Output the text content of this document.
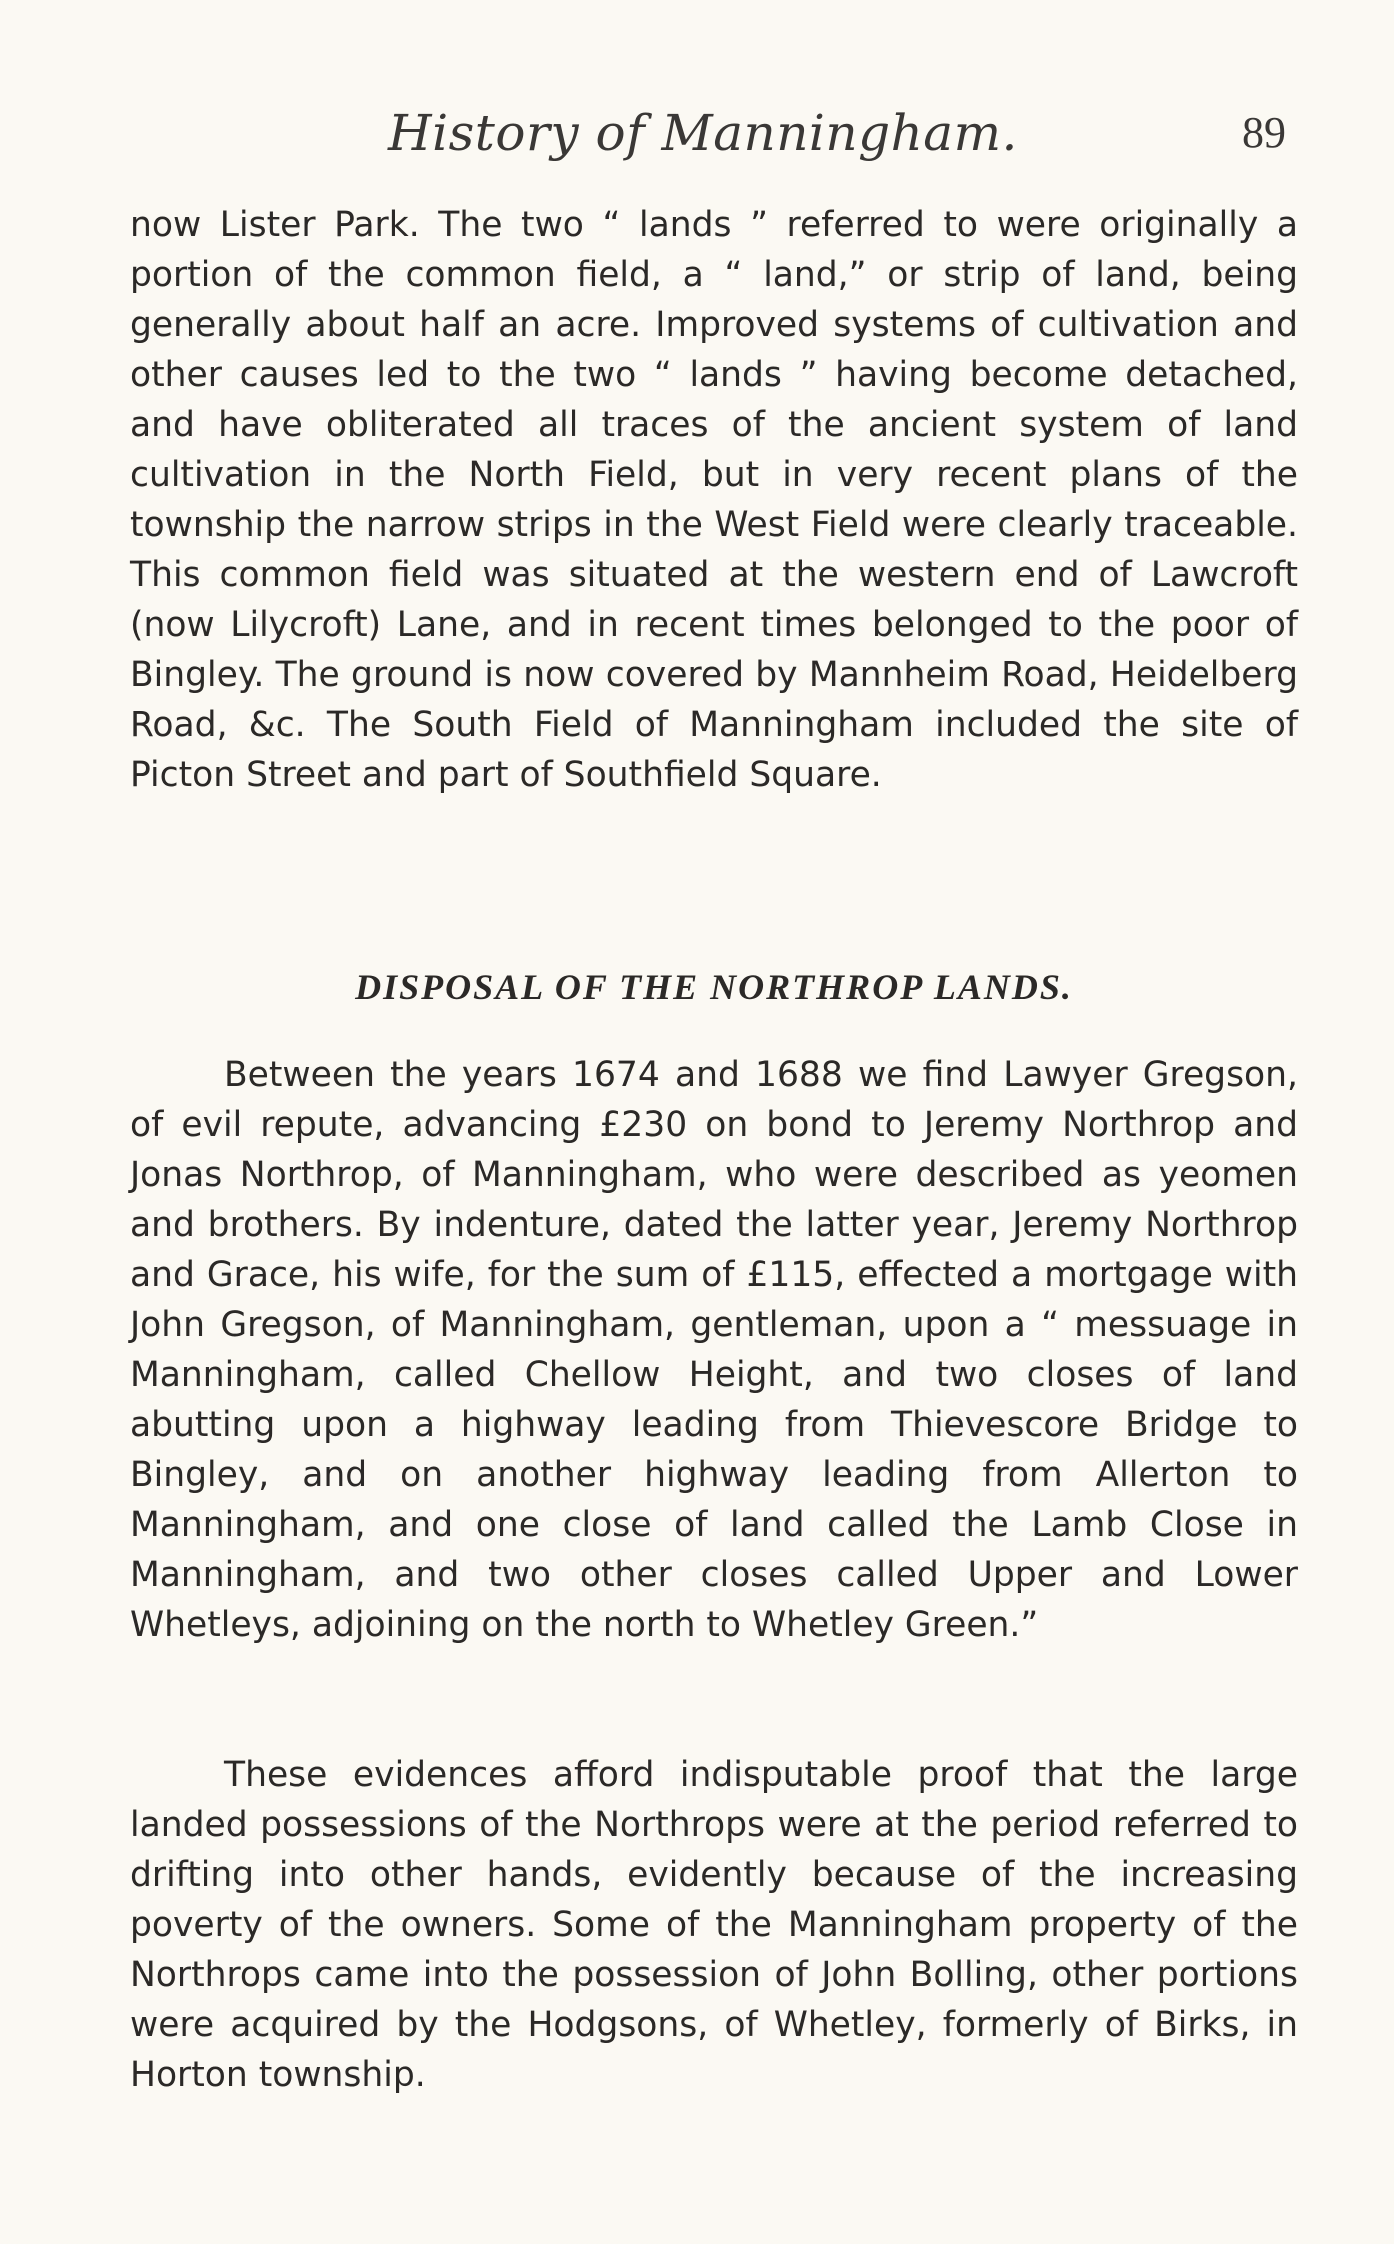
History of Manningham.	89

now Lister Park. The two “ lands ” referred to were originally a portion of the common field, a “ land,” or strip of land, being generally about half an acre. Improved systems of cultivation and other causes led to the two “ lands ” having become detached, and have obliterated all traces of the ancient system of land cultivation in the North Field, but in very recent plans of the township the narrow strips in the West Field were clearly traceable. This common field was situated at the western end of Lawcroft (now Lilycroft) Lane, and in recent times belonged to the poor of Bingley. The ground is now covered by Mannheim Road, Heidelberg Road, &c. The South Field of Manningham included the site of Picton Street and part of Southfield Square.

DISPOSAL OF THE NORTHROP LANDS.

Between the years 1674 and 1688 we find Lawyer Gregson, of evil repute, advancing £230 on bond to Jeremy Northrop and Jonas Northrop, of Manningham, who were described as yeomen and brothers. By indenture, dated the latter year, Jeremy Northrop and Grace, his wife, for the sum of £115, effected a mortgage with John Gregson, of Manningham, gentleman, upon a “ messuage in Manningham, called Chellow Height, and two closes of land abutting upon a highway leading from Thievescore Bridge to Bingley, and on another highway leading from Allerton to Manningham, and one close of land called the Lamb Close in Manningham, and two other closes called Upper and Lower Whetleys, adjoining on the north to Whetley Green.”

These evidences afford indisputable proof that the large landed possessions of the Northrops were at the period referred to drifting into other hands, evidently because of the increasing poverty of the owners. Some of the Manningham property of the Northrops came into the possession of John Bolling, other portions were acquired by the Hodgsons, of Whetley, formerly of Birks, in Horton township.
